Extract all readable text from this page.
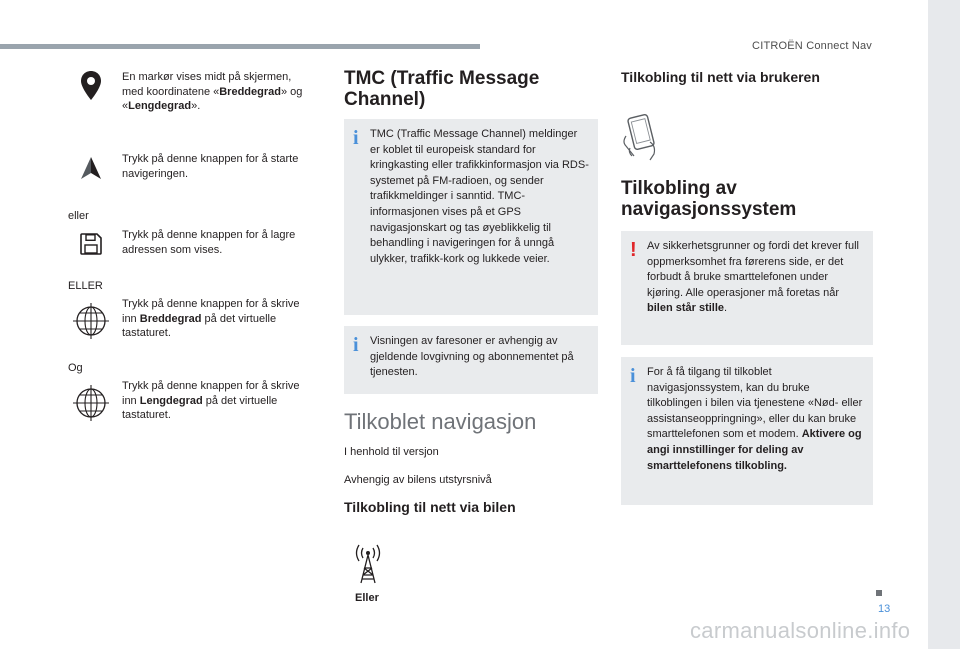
CITROËN Connect Nav
En markør vises midt på skjermen, med koordinatene «Breddegrad» og «Lengdegrad».
Trykk på denne knappen for å starte navigeringen.
eller
Trykk på denne knappen for å lagre adressen som vises.
ELLER
Trykk på denne knappen for å skrive inn Breddegrad på det virtuelle tastaturet.
Og
Trykk på denne knappen for å skrive inn Lengdegrad på det virtuelle tastaturet.
TMC (Traffic Message Channel)
i TMC (Traffic Message Channel) meldinger er koblet til europeisk standard for kringkasting eller trafikkinformasjon via RDS-systemet på FM-radioen, og sender trafikkmeldinger i sanntid. TMC-informasjonen vises på et GPS navigasjonskart og tas øyeblikkelig til behandling i navigeringen for å unngå ulykker, trafikk-kork og lukkede veier.
i Visningen av faresoner er avhengig av gjeldende lovgivning og abonnementet på tjenesten.
Tilkoblet navigasjon
I henhold til versjon
Avhengig av bilens utstyrsnivå
Tilkobling til nett via bilen
Eller
Tilkobling til nett via brukeren
Tilkobling av navigasjonssystem
! Av sikkerhetsgrunner og fordi det krever full oppmerksomhet fra førerens side, er det forbudt å bruke smarttelefonen under kjøring. Alle operasjoner må foretas når bilen står stille.
i For å få tilgang til tilkoblet navigasjonssystem, kan du bruke tilkoblingen i bilen via tjenestene «Nød- eller assistanseoppringning», eller du kan bruke smarttelefonen som et modem. Aktivere og angi innstillinger for deling av smarttelefonens tilkobling.
13
carmanualsonline.info
